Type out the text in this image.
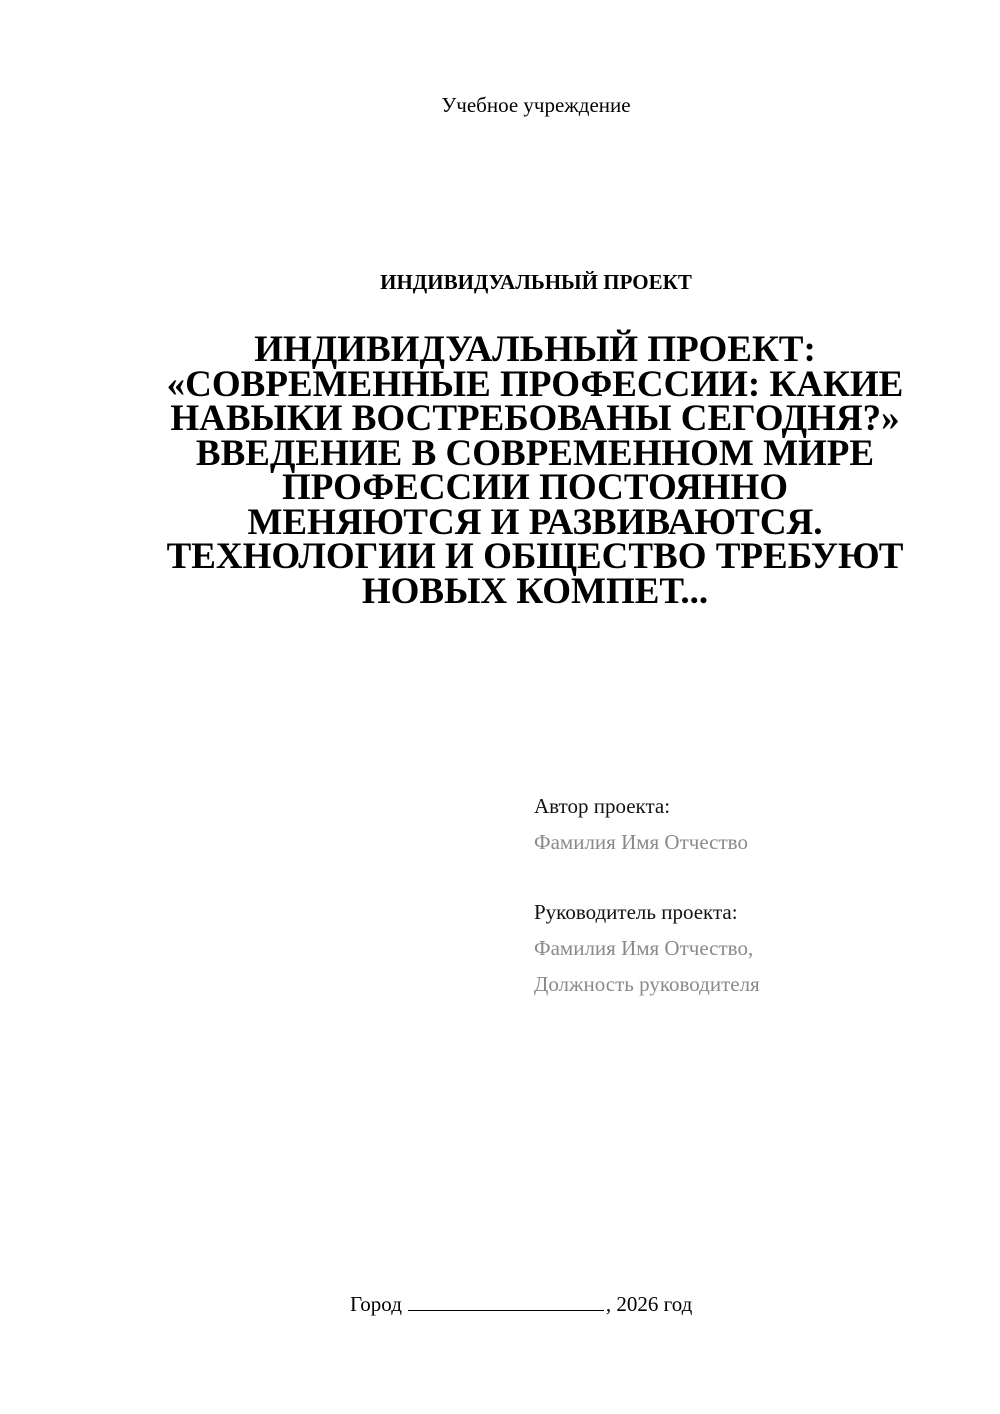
Учебное учреждение
ИНДИВИДУАЛЬНЫЙ ПРОЕКТ
ИНДИВИДУАЛЬНЫЙ ПРОЕКТ:
«СОВРЕМЕННЫЕ ПРОФЕССИИ: КАКИЕ
НАВЫКИ ВОСТРЕБОВАНЫ СЕГОДНЯ?»
ВВЕДЕНИЕ В СОВРЕМЕННОМ МИРЕ
ПРОФЕССИИ ПОСТОЯННО
МЕНЯЮТСЯ И РАЗВИВАЮТСЯ.
ТЕХНОЛОГИИ И ОБЩЕСТВО ТРЕБУЮТ
НОВЫХ КОМПЕТ...
Автор проекта:
Фамилия Имя Отчество
Руководитель проекта:
Фамилия Имя Отчество,
Должность руководителя
Город	, 2026 год
